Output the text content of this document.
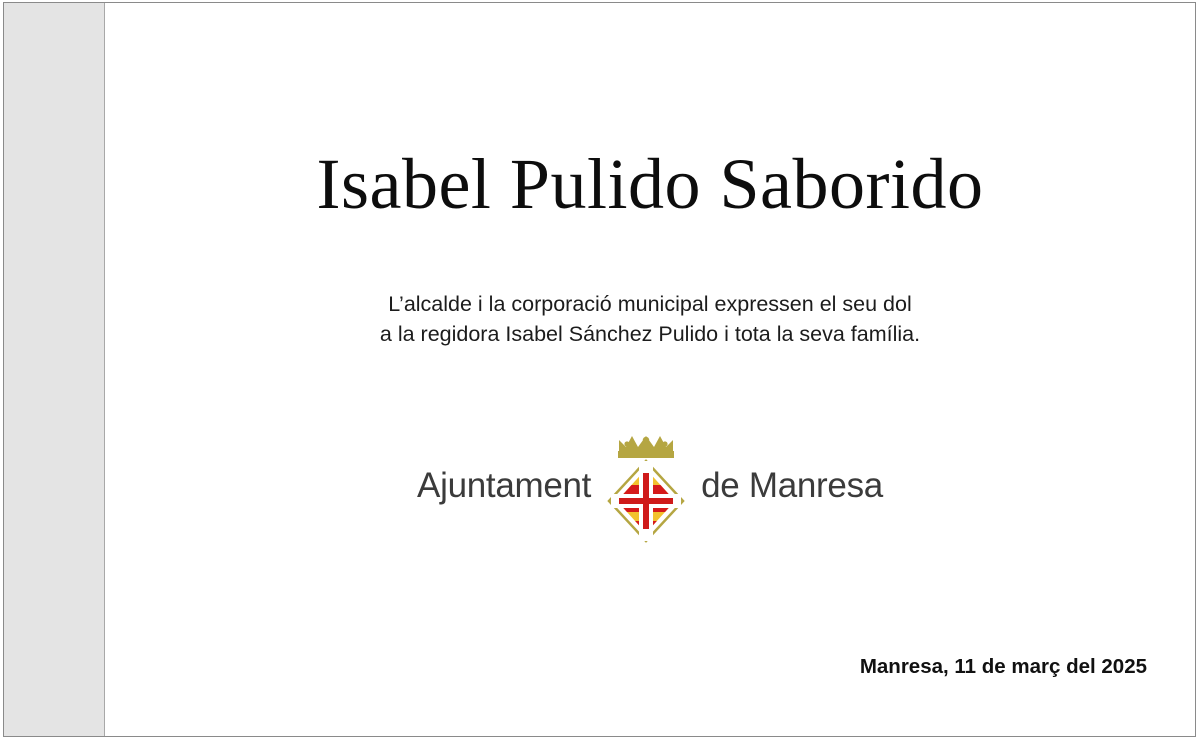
Isabel Pulido Saborido
L’alcalde i la corporació municipal expressen el seu dol
a la regidora Isabel Sánchez Pulido i tota la seva família.
Ajuntament	de Manresa
Manresa, 11 de març del 2025
